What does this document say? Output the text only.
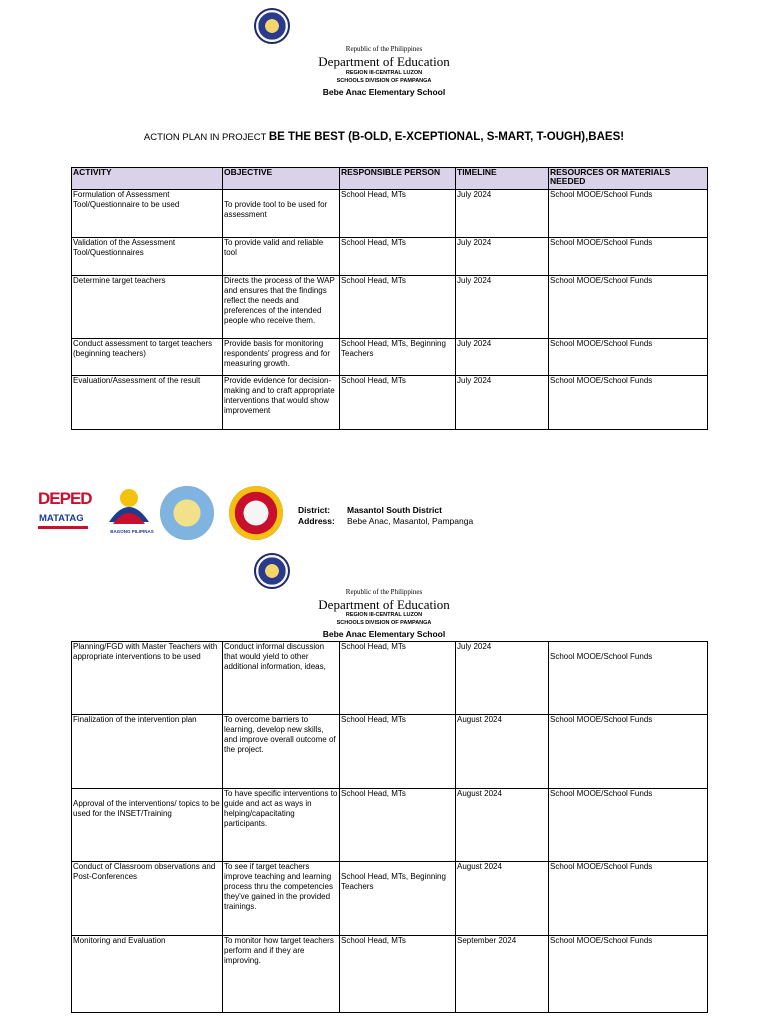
Republic of the Philippines
Department of Education
REGION III-CENTRAL LUZON
SCHOOLS DIVISION OF PAMPANGA
Bebe Anac Elementary School
ACTION PLAN IN PROJECT BE THE BEST (B-OLD, E-XCEPTIONAL, S-MART, T-OUGH),BAES!
ACTIVITY	OBJECTIVE	RESPONSIBLE PERSON	TIMELINE	RESOURCES OR MATERIALS NEEDED
Formulation of Assessment Tool/Questionnaire to be used	To provide tool to be used for assessment	School Head, MTs	July 2024	School MOOE/School Funds
Validation of the Assessment Tool/Questionnaires	To provide valid and reliable tool	School Head, MTs	July 2024	School MOOE/School Funds
Determine target teachers	Directs the process of the WAP and ensures that the findings reflect the needs and preferences of the intended people who receive them.	School Head, MTs	July 2024	School MOOE/School Funds
Conduct assessment to target teachers (beginning teachers)	Provide basis for monitoring respondents' progress and for measuring growth.	School Head, MTs, Beginning Teachers	July 2024	School MOOE/School Funds
Evaluation/Assessment of the result	Provide evidence for decision-making and to craft appropriate interventions that would show improvement	School Head, MTs	July 2024	School MOOE/School Funds
DEPED
MATATAG
BAGONG PILIPINAS
District: Masantol South District
Address: Bebe Anac, Masantol, Pampanga
Republic of the Philippines
Department of Education
REGION III-CENTRAL LUZON
SCHOOLS DIVISION OF PAMPANGA
Bebe Anac Elementary School
Planning/FGD with Master Teachers with appropriate interventions to be used	Conduct informal discussion that would yield to other additional information, ideas,	School Head, MTs	July 2024	School MOOE/School Funds
Finalization of the intervention plan	To overcome barriers to learning, develop new skills, and improve overall outcome of the project.	School Head, MTs	August 2024	School MOOE/School Funds
Approval of the interventions/ topics to be used for the INSET/Training	To have specific interventions to guide and act as ways in helping/capacitating participants.	School Head, MTs	August 2024	School MOOE/School Funds
Conduct of Classroom observations and Post-Conferences	To see if target teachers improve teaching and learning process thru the competencies they've gained in the provided trainings.	School Head, MTs, Beginning Teachers	August 2024	School MOOE/School Funds
Monitoring and Evaluation	To monitor how target teachers perform and if they are improving.	School Head, MTs	September 2024	School MOOE/School Funds
